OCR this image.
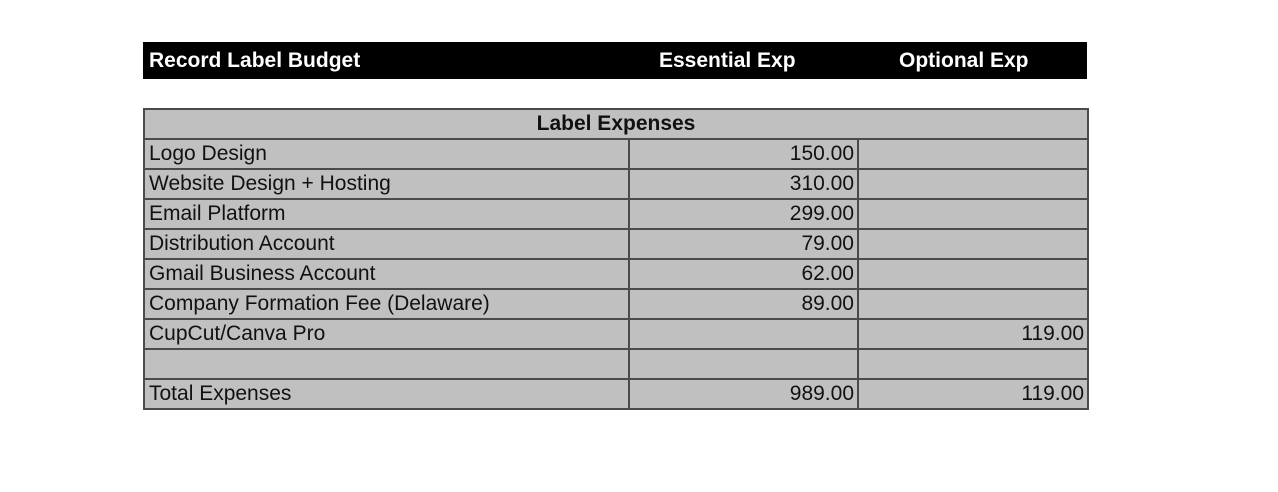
Record Label Budget	Essential Exp	Optional Exp
Label Expenses		
Logo Design	150.00	
Website Design + Hosting	310.00	
Email Platform	299.00	
Distribution Account	79.00	
Gmail Business Account	62.00	
Company Formation Fee (Delaware)	89.00	
CupCut/Canva Pro		119.00

Total Expenses	989.00	119.00
